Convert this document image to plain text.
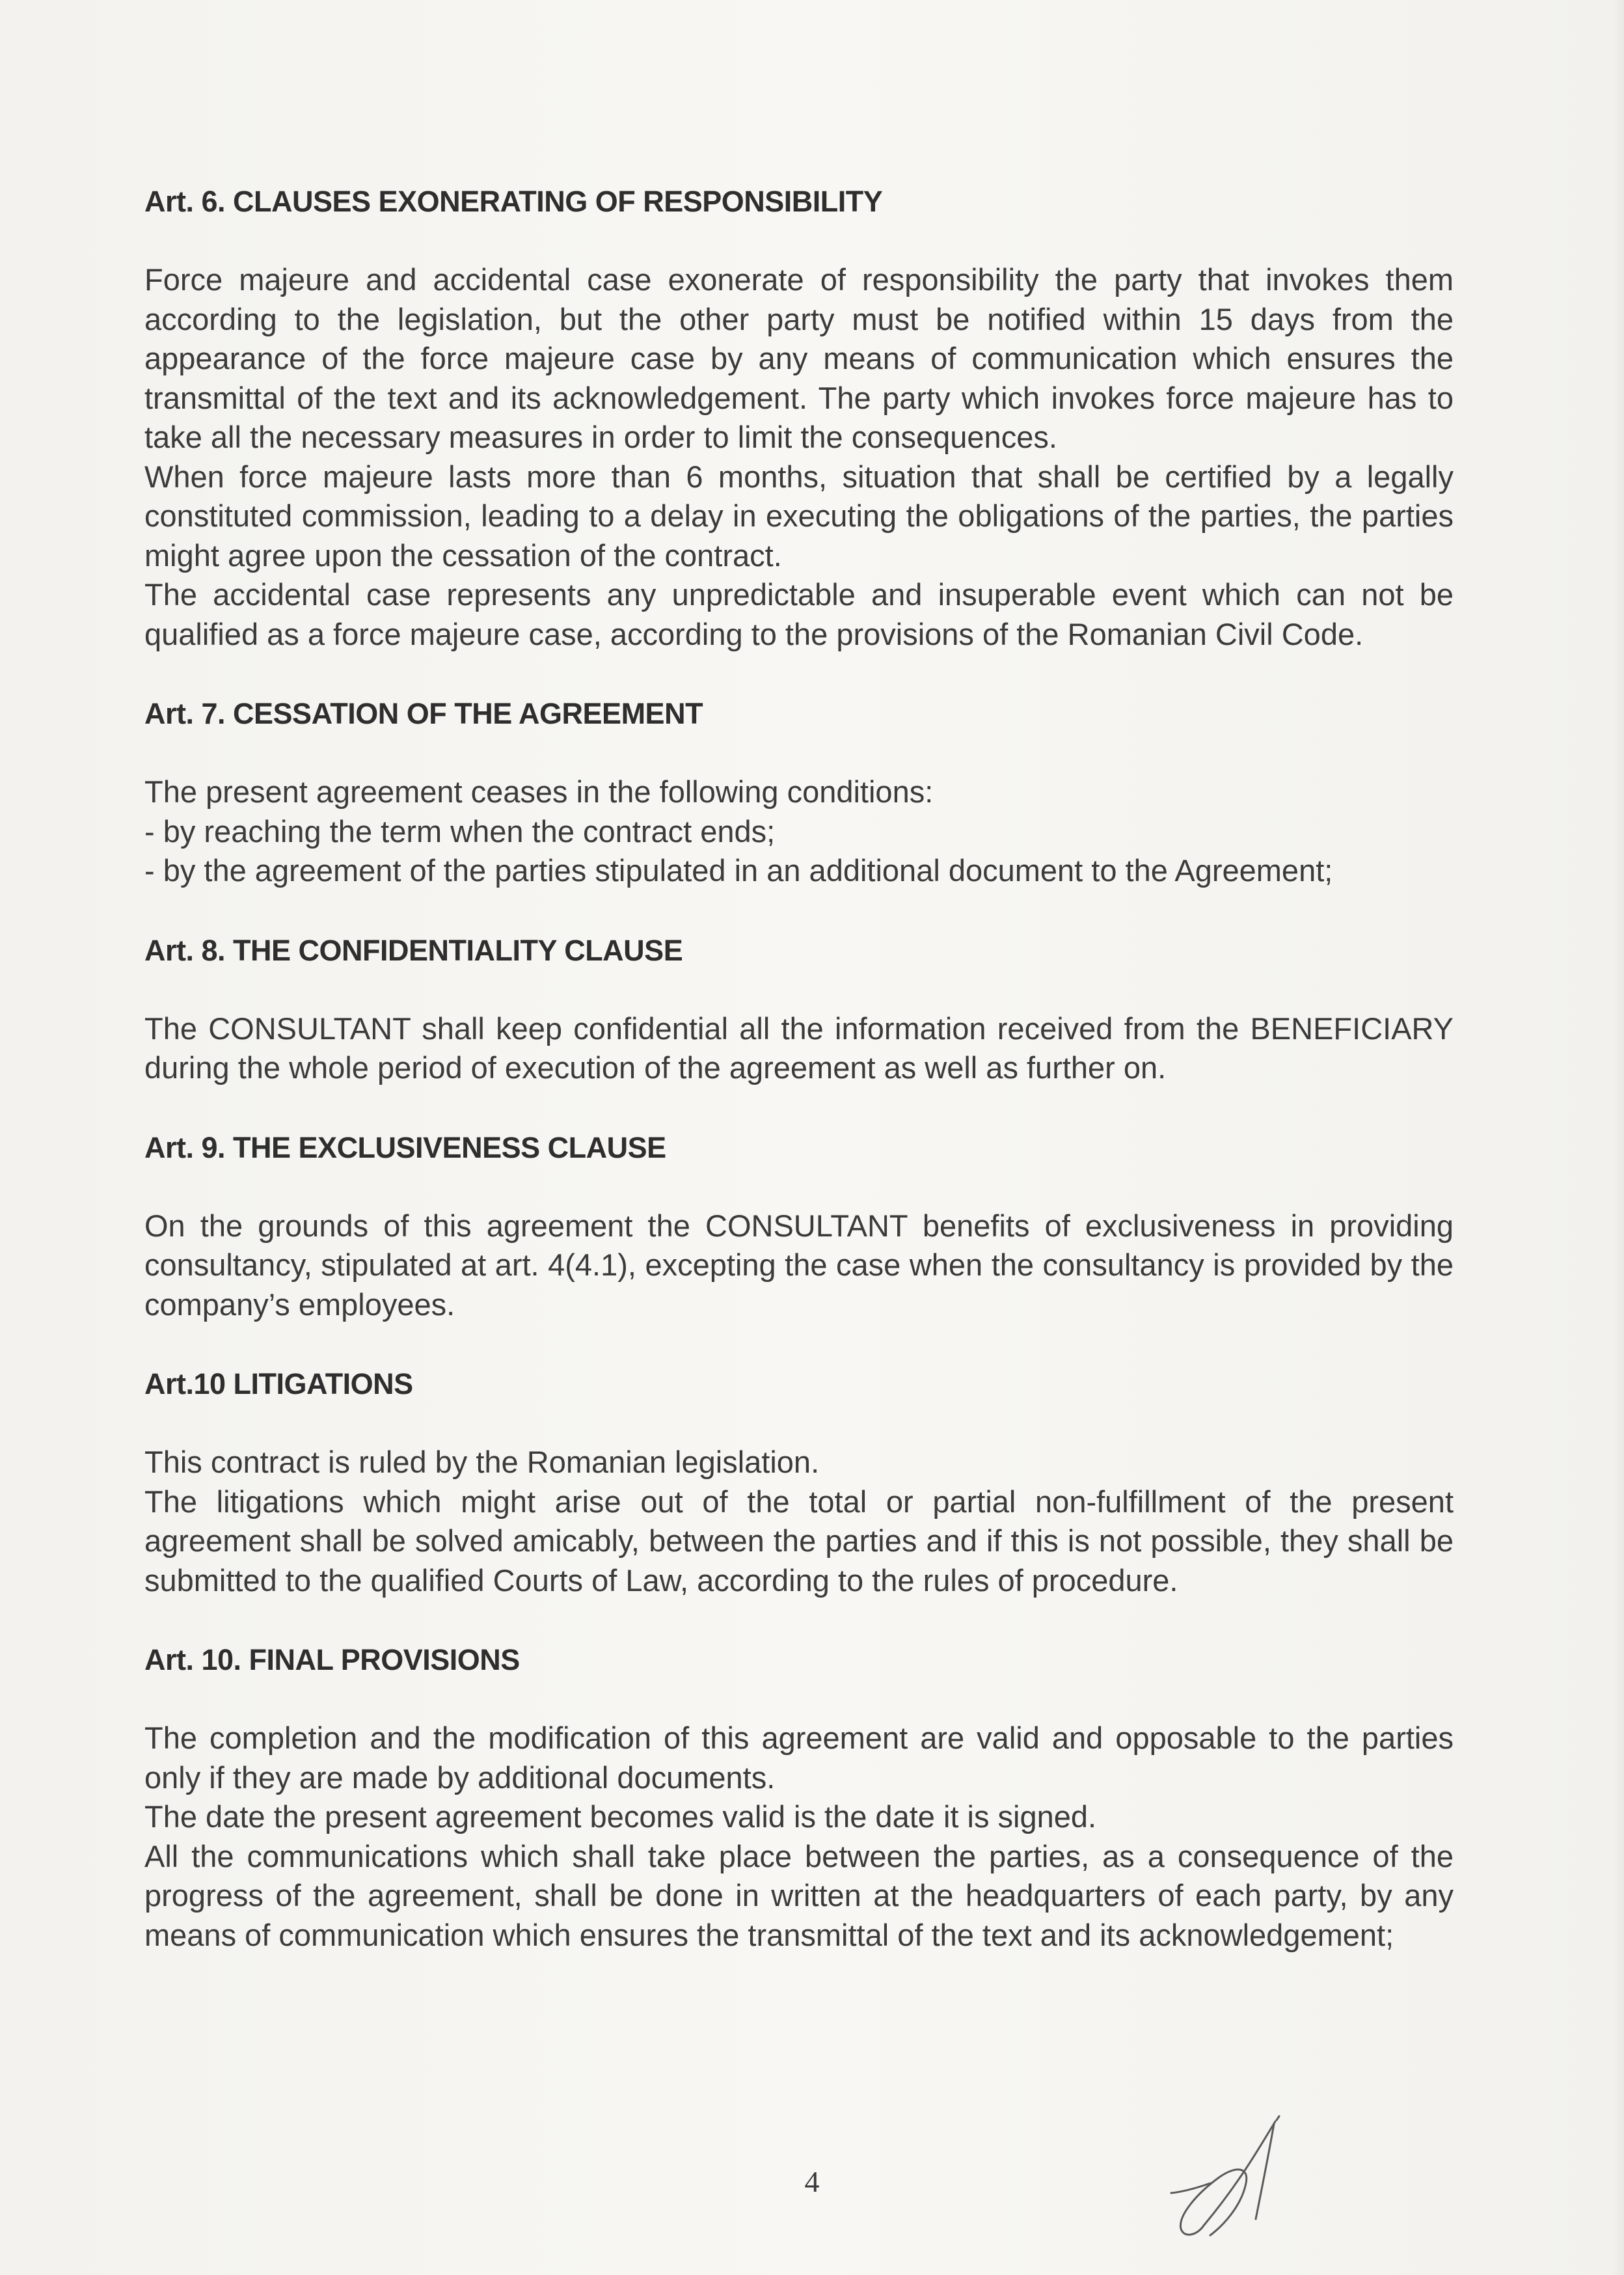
Art. 6. CLAUSES EXONERATING OF RESPONSIBILITY

Force majeure and accidental case exonerate of responsibility the party that invokes them according to the legislation, but the other party must be notified within 15 days from the appearance of the force majeure case by any means of communication which ensures the transmittal of the text and its acknowledgement. The party which invokes force majeure has to take all the necessary measures in order to limit the consequences.

When force majeure lasts more than 6 months, situation that shall be certified by a legally constituted commission, leading to a delay in executing the obligations of the parties, the parties might agree upon the cessation of the contract.

The accidental case represents any unpredictable and insuperable event which can not be qualified as a force majeure case, according to the provisions of the Romanian Civil Code.

Art. 7. CESSATION OF THE AGREEMENT

The present agreement ceases in the following conditions:

- by reaching the term when the contract ends;

- by the agreement of the parties stipulated in an additional document to the Agreement;

Art. 8. THE CONFIDENTIALITY CLAUSE

The CONSULTANT shall keep confidential all the information received from the BENEFICIARY during the whole period of execution of the agreement as well as further on.

Art. 9. THE EXCLUSIVENESS CLAUSE

On the grounds of this agreement the CONSULTANT benefits of exclusiveness in providing consultancy, stipulated at art. 4(4.1), excepting the case when the consultancy is provided by the company’s employees.

Art.10 LITIGATIONS

This contract is ruled by the Romanian legislation.

The litigations which might arise out of the total or partial non-fulfillment of the present agreement shall be solved amicably, between the parties and if this is not possible, they shall be submitted to the qualified Courts of Law, according to the rules of procedure.

Art. 10. FINAL PROVISIONS

The completion and the modification of this agreement are valid and opposable to the parties only if they are made by additional documents.

The date the present agreement becomes valid is the date it is signed.

All the communications which shall take place between the parties, as a consequence of the progress of the agreement, shall be done in written at the headquarters of each party, by any means of communication which ensures the transmittal of the text and its acknowledgement;

4
